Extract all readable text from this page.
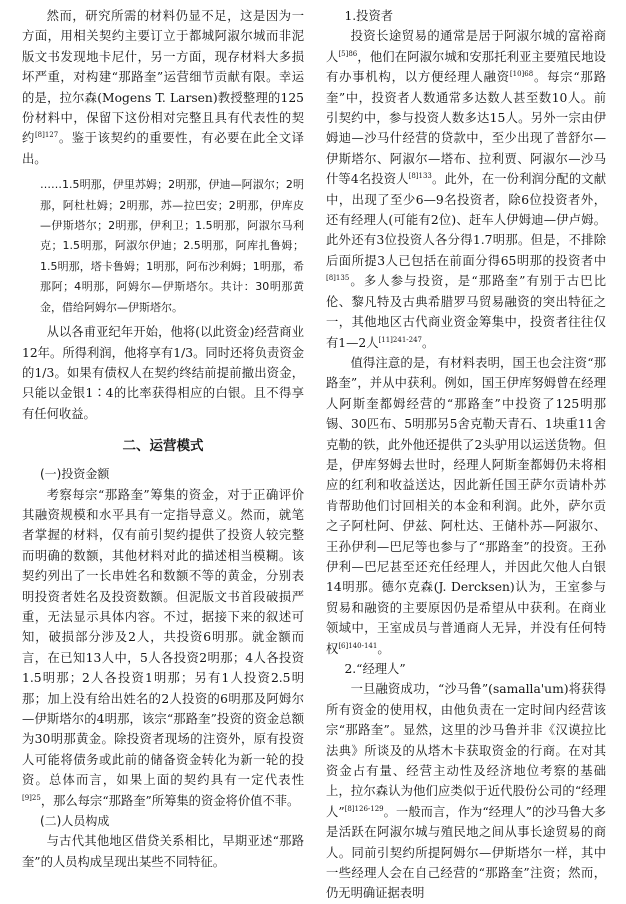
然而，研究所需的材料仍显不足，这是因为一方面，用相关契约主要订立于都城阿淑尔城而非泥版文书发现地卡尼什，另一方面，现存材料大多损坏严重，对构建“那路奎”运营细节贡献有限。幸运的是，拉尔森(Mogens T. Larsen)教授整理的125份材料中，保留下这份相对完整且具有代表性的契约$^{[8]127}$。鉴于该契约的重要性，有必要在此全文译出。

……1.5明那，伊里苏姆；2明那，伊迪—阿淑尔；2明那，阿杜杜姆；2明那，苏—拉巴安；2明那，伊库皮—伊斯塔尔；2明那，伊利卫；1.5明那，阿淑尔马利克；1.5明那，阿淑尔伊迪；2.5明那，阿库扎鲁姆；1.5明那，塔卡鲁姆；1明那，阿布沙利姆；1明那，希那阿；4明那，阿姆尔—伊斯塔尔。共计：30明那黄金，借给阿姆尔—伊斯塔尔。

从以各甫亚纪年开始，他将(以此资金)经营商业12年。所得利润，他将享有1/3。同时还将负责资金的1/3。如果有债权人在契约终结前提前撤出资金，只能以金银1∶4的比率获得相应的白银。且不得享有任何收益。

二、运营模式
(一)投资金额

考察每宗“那路奎”筹集的资金，对于正确评价其融资规模和水平具有一定指导意义。然而，就笔者掌握的材料，仅有前引契约提供了投资人较完整而明确的数额，其他材料对此的描述相当模糊。该契约列出了一长串姓名和数额不等的黄金，分别表明投资者姓名及投资数额。但泥版文书首段破损严重，无法显示具体内容。不过，据接下来的叙述可知，破损部分涉及2人，共投资6明那。就金额而言，在已知13人中，5人各投资2明那；4人各投资1.5明那；2人各投资1明那；另有1人投资2.5明那；加上没有给出姓名的2人投资的6明那及阿姆尔—伊斯塔尔的4明那，该宗“那路奎”投资的资金总额为30明那黄金。除投资者现场的注资外，原有投资人可能将债务或此前的储备资金转化为新一轮的投资。总体而言，如果上面的契约具有一定代表性$^{[9]25}$，那么每宗“那路奎”所筹集的资金将价值不菲。

(二)人员构成

与古代其他地区借贷关系相比，早期亚述“那路奎”的人员构成呈现出某些不同特征。

1.投资者

投资长途贸易的通常是居于阿淑尔城的富裕商人$^{[5]86}$，他们在阿淑尔城和安那托利亚主要殖民地设有办事机构，以方便经理人融资$^{[10]68}$。每宗“那路奎”中，投资者人数通常多达数人甚至数10人。前引契约中，参与投资人数多达15人。另外一宗由伊姆迪—沙马什经营的贷款中，至少出现了普舒尔—伊斯塔尔、阿淑尔—塔布、拉利贾、阿淑尔—沙马什等4名投资人$^{[8]133}$。此外，在一份利润分配的文献中，出现了至少6—9名投资者，除6位投资者外，还有经理人(可能有2位)、赶车人伊姆迪—伊卢姆。此外还有3位投资人各分得1.7明那。但是，不排除后面所提3人已包括在前面分得65明那的投资者中$^{[8]135}$。多人参与投资，是“那路奎”有别于古巴比伦、黎凡特及古典希腊罗马贸易融资的突出特征之一，其他地区古代商业资金筹集中，投资者往往仅有1—2人$^{[11]241-247}$。

值得注意的是，有材料表明，国王也会注资“那路奎”，并从中获利。例如，国王伊库努姆曾在经理人阿斯奎都姆经营的“那路奎”中投资了125明那锡、30匹布、5明那另5舍克勒天青石、1块重11舍克勒的铁，此外他还提供了2头驴用以运送货物。但是，伊库努姆去世时，经理人阿斯奎都姆仍未将相应的红利和收益送达，因此新任国王萨尔贡请朴苏肯帮助他们讨回相关的本金和利润。此外，萨尔贡之子阿杜阿、伊兹、阿杜达、王储朴苏—阿淑尔、王孙伊利—巴尼等也参与了“那路奎”的投资。王孙伊利—巴尼甚至还充任经理人，并因此欠他人白银14明那。德尔克森(J. Dercksen)认为，王室参与贸易和融资的主要原因仍是希望从中获利。在商业领域中，王室成员与普通商人无异，并没有任何特权$^{[6]140-141}$。

2.“经理人”

一旦融资成功，“沙马鲁”(samalla'um)将获得所有资金的使用权，由他负责在一定时间内经营该宗“那路奎”。显然，这里的沙马鲁并非《汉谟拉比法典》所谈及的从塔木卡获取资金的行商。在对其资金占有量、经营主动性及经济地位考察的基础上，拉尔森认为他们应类似于近代股份公司的“经理人”$^{[8]126-129}$。一般而言，作为“经理人”的沙马鲁大多是活跃在阿淑尔城与殖民地之间从事长途贸易的商人。同前引契约所提阿姆尔—伊斯塔尔一样，其中一些经理人会在自己经营的“那路奎”注资；然而，仍无明确证据表明
